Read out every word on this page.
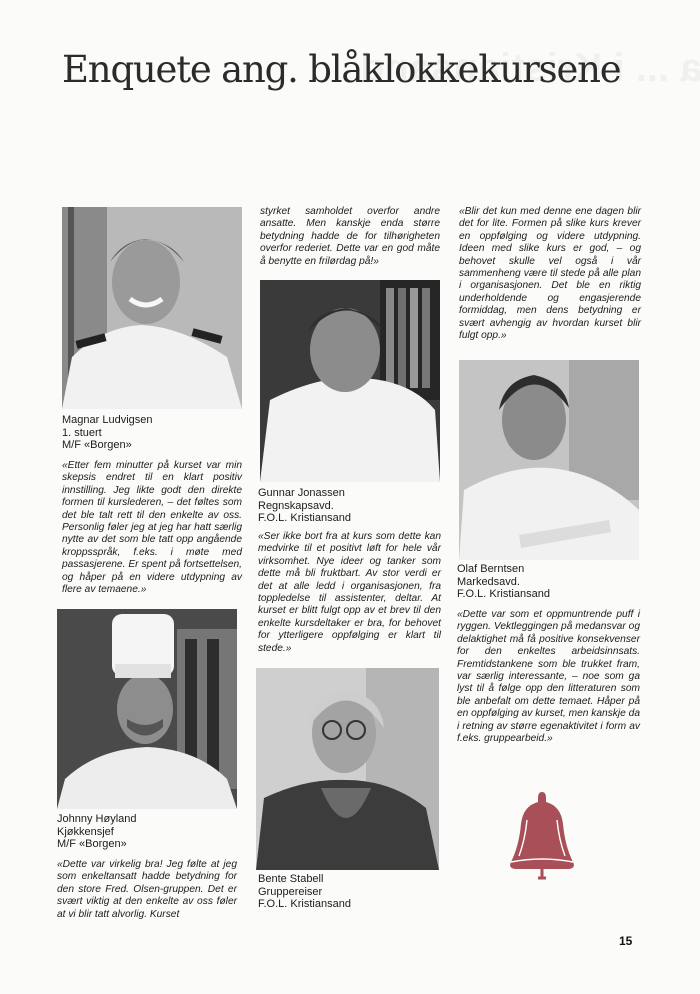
Enquete ang. blåklokkekursene
Magnar Ludvigsen
1. stuert
M/F «Borgen»

«Etter fem minutter på kurset var min skepsis endret til en klart positiv innstilling. Jeg likte godt den direkte formen til kurslederen, – det føltes som det ble talt rett til den enkelte av oss. Personlig føler jeg at jeg har hatt særlig nytte av det som ble tatt opp angående kroppsspråk, f.eks. i møte med passasjerene. Er spent på fortsettelsen, og håper på en videre utdypning av flere av temaene.»

Johnny Høyland
Kjøkkensjef
M/F «Borgen»

«Dette var virkelig bra! Jeg følte at jeg som enkeltansatt hadde betydning for den store Fred. Olsen-gruppen. Det er svært viktig at den enkelte av oss føler at vi blir tatt alvorlig. Kurset

styrket samholdet overfor andre ansatte. Men kanskje enda større betydning hadde de for tilhørigheten overfor rederiet. Dette var en god måte å benytte en frilørdag på!»

Gunnar Jonassen
Regnskapsavd.
F.O.L. Kristiansand

«Ser ikke bort fra at kurs som dette kan medvirke til et positivt løft for hele vår virksomhet. Nye ideer og tanker som dette må bli fruktbart. Av stor verdi er det at alle ledd i organisasjonen, fra toppledelse til assistenter, deltar. At kurset er blitt fulgt opp av et brev til den enkelte kursdeltaker er bra, for behovet for ytterligere oppfølging er klart til stede.»

Bente Stabell
Gruppereiser
F.O.L. Kristiansand

«Blir det kun med denne ene dagen blir det for lite. Formen på slike kurs krever en oppfølging og videre utdypning. Ideen med slike kurs er god, – og behovet skulle vel også i vår sammenheng være til stede på alle plan i organisasjonen. Det ble en riktig underholdende og engasjerende formiddag, men dens betydning er svært avhengig av hvordan kurset blir fulgt opp.»

Olaf Berntsen
Markedsavd.
F.O.L. Kristiansand

«Dette var som et oppmuntrende puff i ryggen. Vektleggingen på medansvar og delaktighet må få positive konsekvenser for den enkeltes arbeidsinnsats. Fremtidstankene som ble trukket fram, var særlig interessante, – noe som ga lyst til å følge opp den litteraturen som ble anbefalt om dette temaet. Håper på en oppfølging av kurset, men kanskje da i retning av større egenaktivitet i form av f.eks. gruppearbeid.»

15
